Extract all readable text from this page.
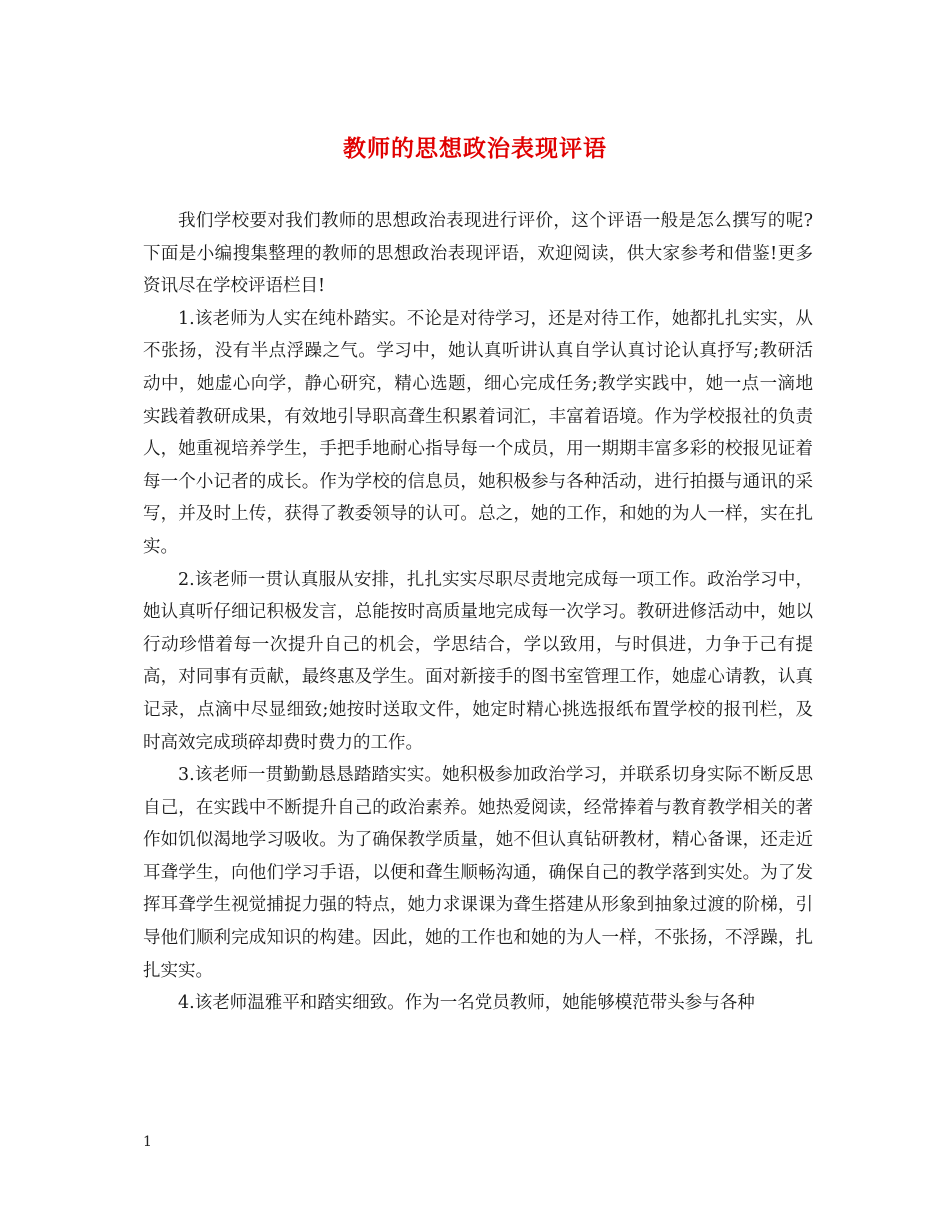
教师的思想政治表现评语

我们学校要对我们教师的思想政治表现进行评价，这个评语一般是怎么撰写的呢?下面是小编搜集整理的教师的思想政治表现评语，欢迎阅读，供大家参考和借鉴!更多资讯尽在学校评语栏目!

1.该老师为人实在纯朴踏实。不论是对待学习，还是对待工作，她都扎扎实实，从不张扬，没有半点浮躁之气。学习中，她认真听讲认真自学认真讨论认真抒写;教研活动中，她虚心向学，静心研究，精心选题，细心完成任务;教学实践中，她一点一滴地实践着教研成果，有效地引导职高聋生积累着词汇，丰富着语境。作为学校报社的负责人，她重视培养学生，手把手地耐心指导每一个成员，用一期期丰富多彩的校报见证着每一个小记者的成长。作为学校的信息员，她积极参与各种活动，进行拍摄与通讯的采写，并及时上传，获得了教委领导的认可。总之，她的工作，和她的为人一样，实在扎实。

2.该老师一贯认真服从安排，扎扎实实尽职尽责地完成每一项工作。政治学习中，她认真听仔细记积极发言，总能按时高质量地完成每一次学习。教研进修活动中，她以行动珍惜着每一次提升自己的机会，学思结合，学以致用，与时俱进，力争于己有提高，对同事有贡献，最终惠及学生。面对新接手的图书室管理工作，她虚心请教，认真记录，点滴中尽显细致;她按时送取文件，她定时精心挑选报纸布置学校的报刊栏，及时高效完成琐碎却费时费力的工作。

3.该老师一贯勤勤恳恳踏踏实实。她积极参加政治学习，并联系切身实际不断反思自己，在实践中不断提升自己的政治素养。她热爱阅读，经常捧着与教育教学相关的著作如饥似渴地学习吸收。为了确保教学质量，她不但认真钻研教材，精心备课，还走近耳聋学生，向他们学习手语，以便和聋生顺畅沟通，确保自己的教学落到实处。为了发挥耳聋学生视觉捕捉力强的特点，她力求课课为聋生搭建从形象到抽象过渡的阶梯，引导他们顺利完成知识的构建。因此，她的工作也和她的为人一样，不张扬，不浮躁，扎扎实实。

4.该老师温雅平和踏实细致。作为一名党员教师，她能够模范带头参与各种

1
